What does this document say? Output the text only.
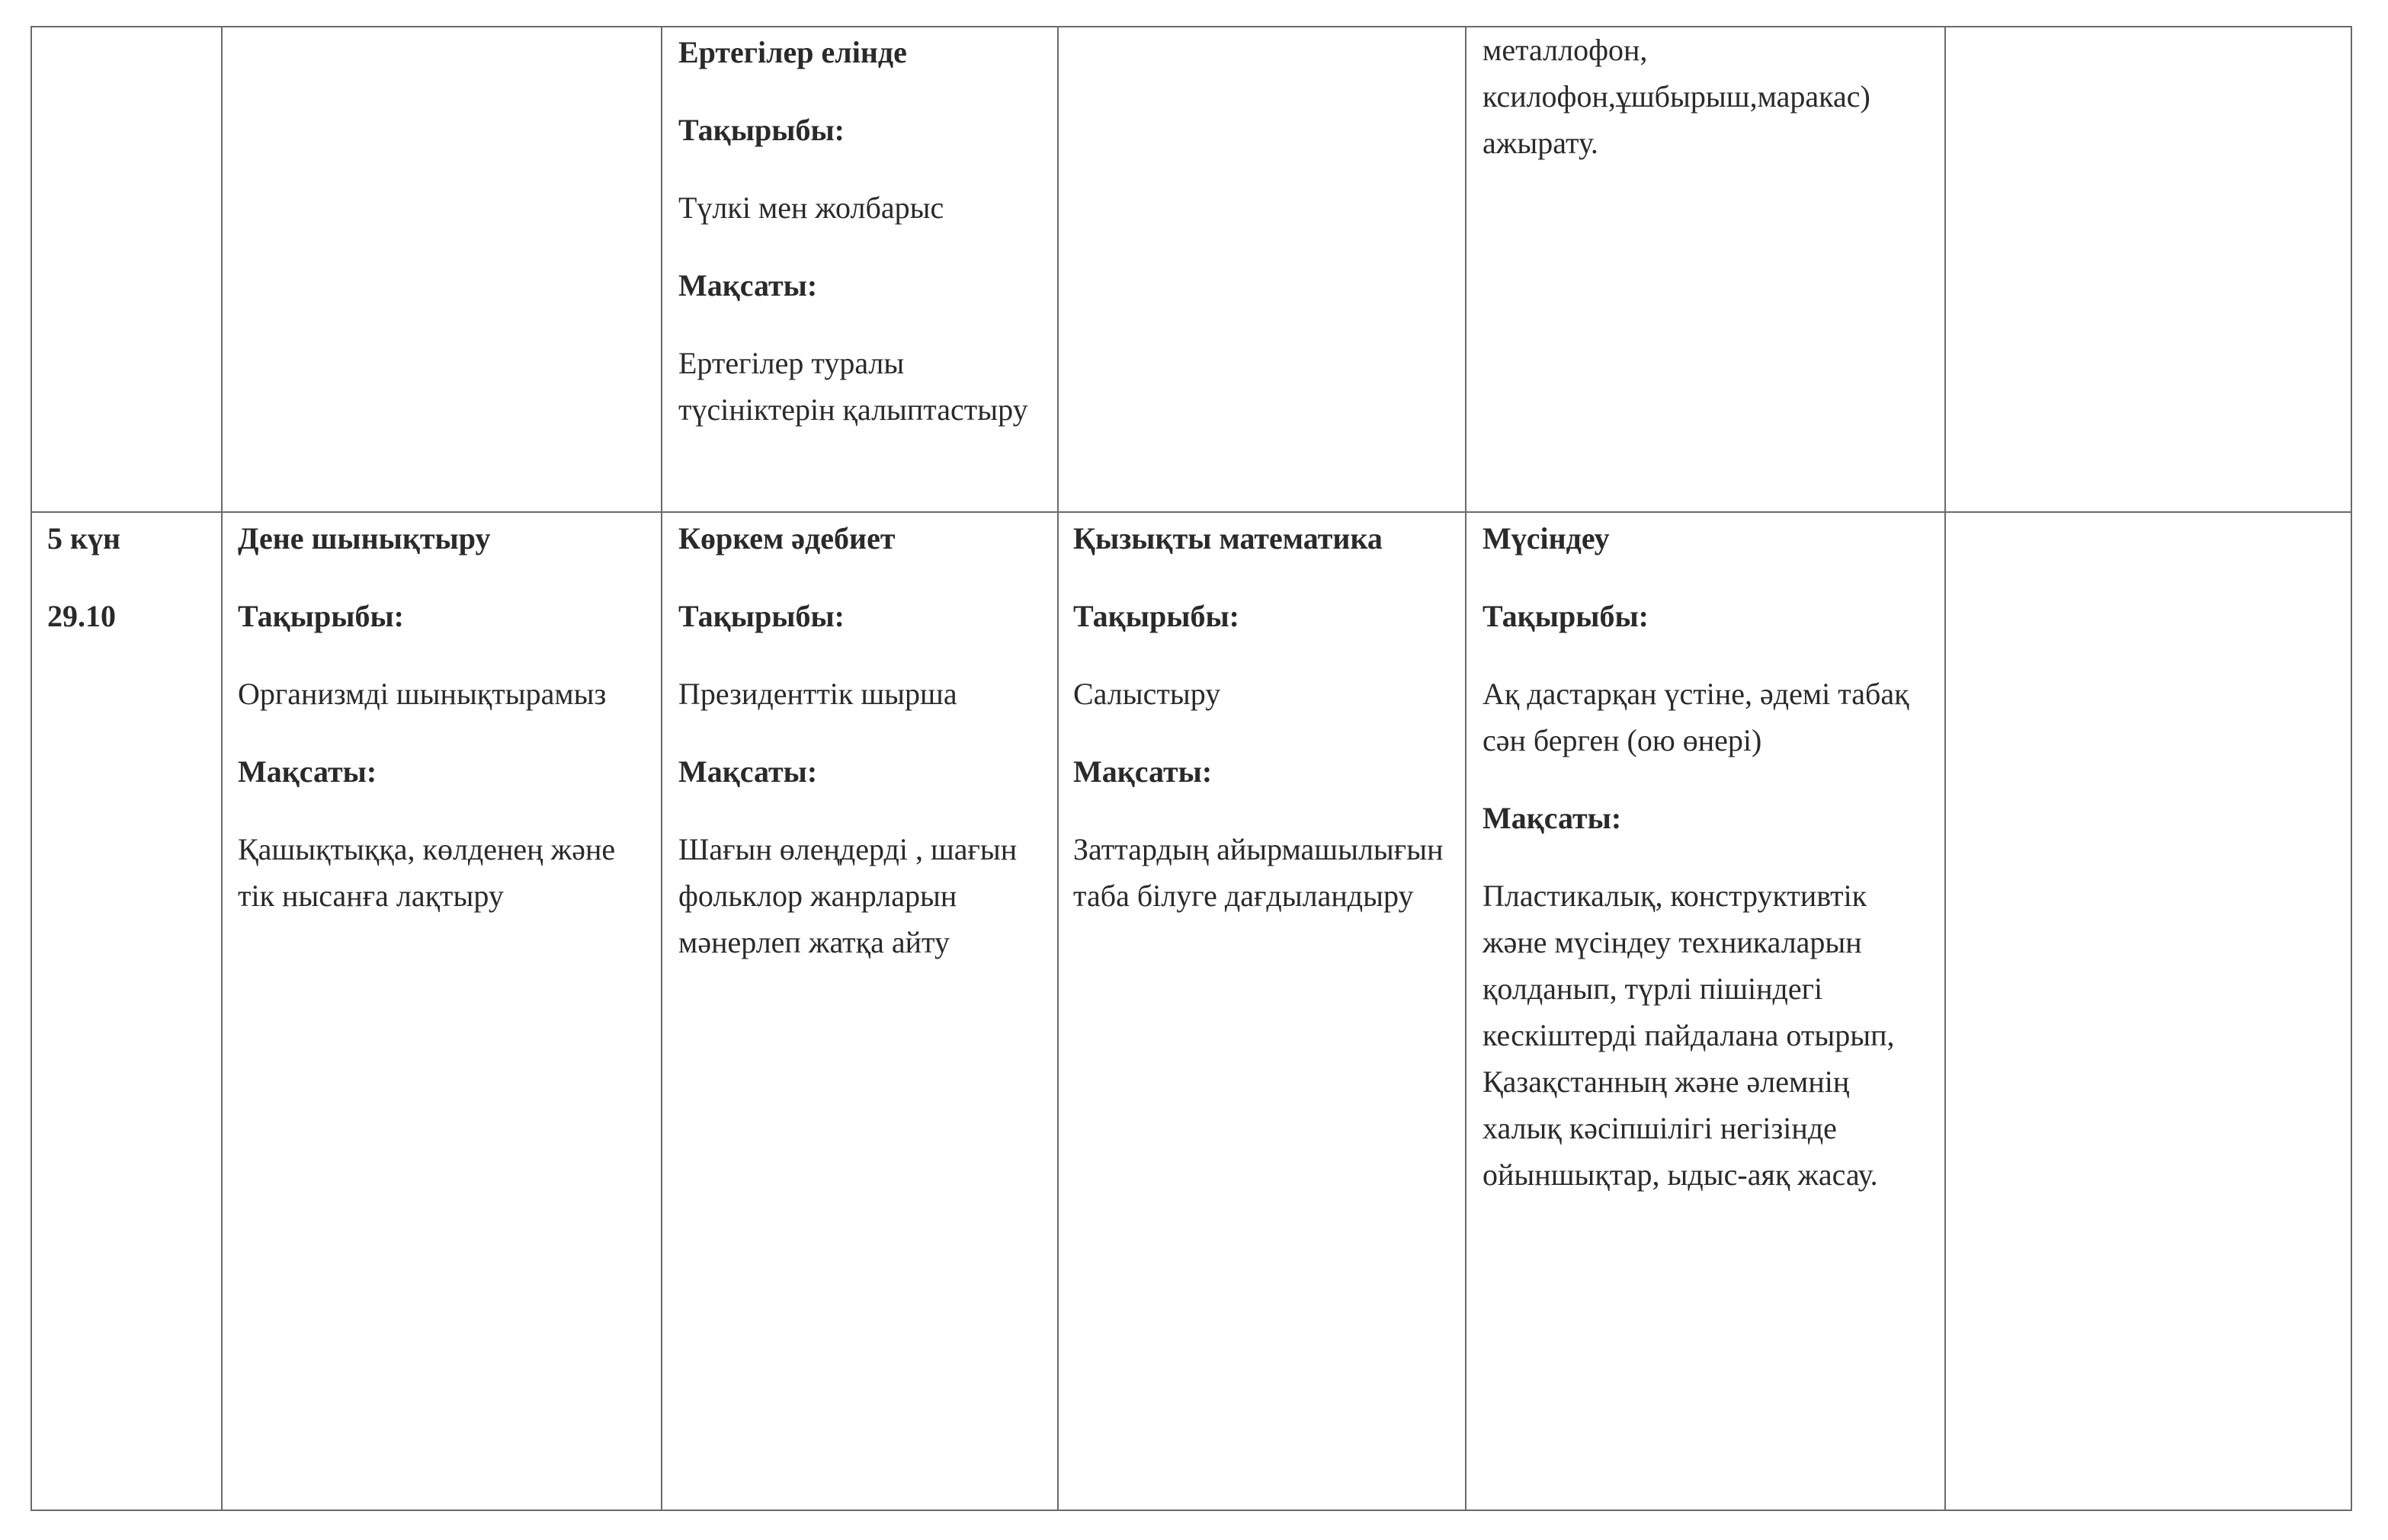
Ертегілер елінде

Тақырыбы:

Түлкі мен жолбарыс

Мақсаты:

Ертегілер туралы түсініктерін қалыптастыру

металлофон, ксилофон,ұшбырыш,маракас) ажырату.

5 күн

29.10

Дене шынықтыру

Тақырыбы:

Организмді шынықтырамыз

Мақсаты:

Қашықтыққа, көлденең және тік нысанға лақтыру

Көркем әдебиет

Тақырыбы:

Президенттік шырша

Мақсаты:

Шағын өлеңдерді , шағын фольклор жанрларын мәнерлеп жатқа айту

Қызықты математика

Тақырыбы:

Салыстыру

Мақсаты:

Заттардың айырмашылығын таба білуге дағдыландыру

Мүсіндеу

Тақырыбы:

Ақ дастарқан үстіне, әдемі табақ сән берген (ою өнері)

Мақсаты:

Пластикалық, конструктивтік және мүсіндеу техникаларын қолданып, түрлі пішіндегі кескіштерді пайдалана отырып, Қазақстанның және әлемнің халық кәсіпшілігі негізінде ойыншықтар, ыдыс-аяқ жасау.
